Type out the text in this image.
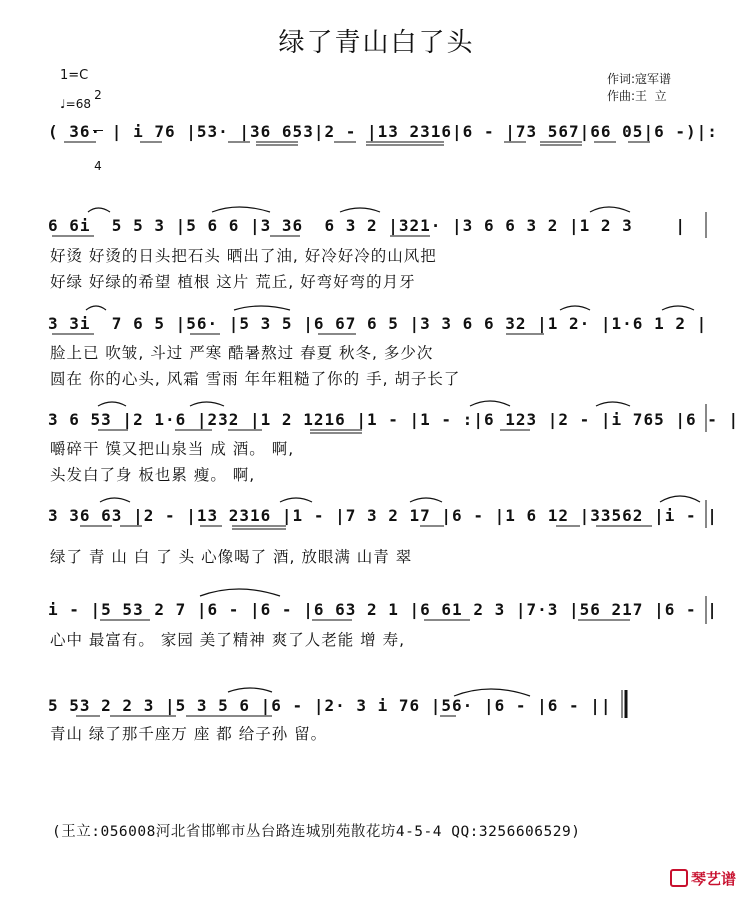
绿了青山白了头
1=C

2

4

♩=68
作词:寇军谱
作曲:王  立
( 36· | i 76 |53· |36 653|2 - |13 2316|6 - |73 567|66 05|6 -)|:
6 6i  5 5 3 |5 6 6 |3 36  6 3 2 |321· |3 6 6 3 2 |1 2 3    |
3 3i  7 6 5 |56· |5 3 5 |6 67 6 5 |3 3 6 6 32 |1 2· |1·6 1 2 |
3 6 53 |2 1·6 |232 |1 2 1216 |1 - |1 - :|6 123 |2 - |i 765 |6 - |
3 36 63 |2 - |13 2316 |1 - |7 3 2 17 |6 - |1 6 12 |33562 |i - |
i - |5 53 2 7 |6 - |6 - |6 63 2 1 |6 61 2 3 |7·3 |56 217 |6 - |
5 53 2 2 3 |5 3 5 6 |6 - |2· 3 i 76 |56· |6 - |6 - ||
好烫 好烫的日头把石头 晒出了油, 好冷好冷的山风把
好绿 好绿的希望 植根 这片 荒丘, 好弯好弯的月牙
脸上已 吹皱, 斗过 严寒 酷暑熬过 春夏 秋冬, 多少次
圆在 你的心头, 风霜 雪雨 年年粗糙了你的 手, 胡子长了
嚼碎干 馍又把山泉当 成 酒。 啊,
头发白了身 板也累 瘦。 啊,
绿了 青 山 白 了 头 心像喝了 酒, 放眼满 山青 翠
心中 最富有。 家园 美了精神 爽了人老能 增 寿,
青山 绿了那千座万 座 都 给子孙 留。
(王立:056008河北省邯郸市丛台路连城别苑散花坊4-5-4 QQ:3256606529)
琴艺谱
